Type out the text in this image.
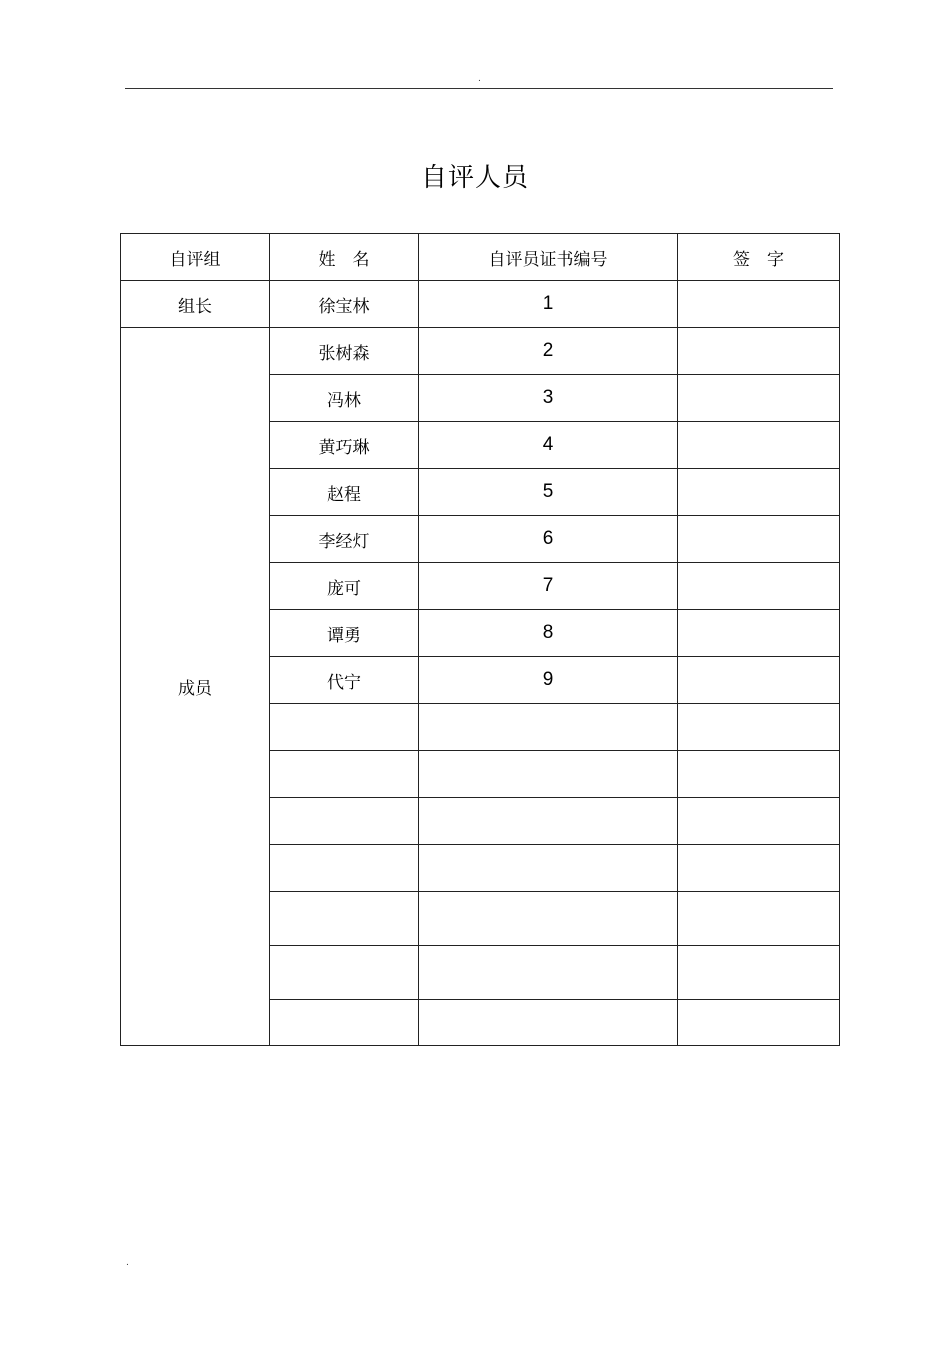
.
自评人员
自评组	姓　名	自评员证书编号	签　字
组长	徐宝林	1	
成员	张树森	2	
	冯林	3	
	黄巧琳	4	
	赵程	5	
	李经灯	6	
	庞可	7	
	谭勇	8	
	代宁	9	

.
